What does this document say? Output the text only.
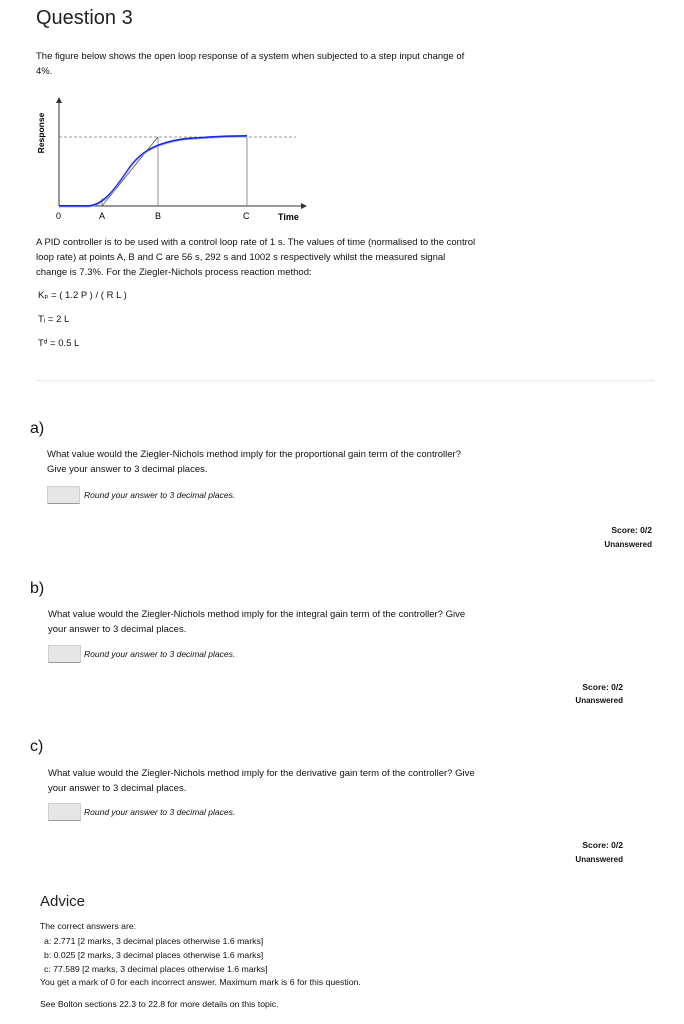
Question 3
The figure below shows the open loop response of a system when subjected to a step input change of 4%.
Response
0	A	B	C	Time
A PID controller is to be used with a control loop rate of 1 s. The values of time (normalised to the control loop rate) at points A, B and C are 56 s, 292 s and 1002 s respectively whilst the measured signal change is 7.3%. For the Ziegler-Nichols process reaction method:
Kₚ = ( 1.2 P ) / ( R L )
Tᵢ = 2 L
Tᵈ = 0.5 L
a)
What value would the Ziegler-Nichols method imply for the proportional gain term of the controller? Give your answer to 3 decimal places.
Round your answer to 3 decimal places.
Score: 0/2
Unanswered
b)
What value would the Ziegler-Nichols method imply for the integral gain term of the controller? Give your answer to 3 decimal places.
Round your answer to 3 decimal places.
Score: 0/2
Unanswered
c)
What value would the Ziegler-Nichols method imply for the derivative gain term of the controller? Give your answer to 3 decimal places.
Round your answer to 3 decimal places.
Score: 0/2
Unanswered
Advice
The correct answers are:
a: 2.771 [2 marks, 3 decimal places otherwise 1.6 marks]
b: 0.025 [2 marks, 3 decimal places otherwise 1.6 marks]
c: 77.589 [2 marks, 3 decimal places otherwise 1.6 marks]
You get a mark of 0 for each incorrect answer. Maximum mark is 6 for this question.
See Bolton sections 22.3 to 22.8 for more details on this topic.
